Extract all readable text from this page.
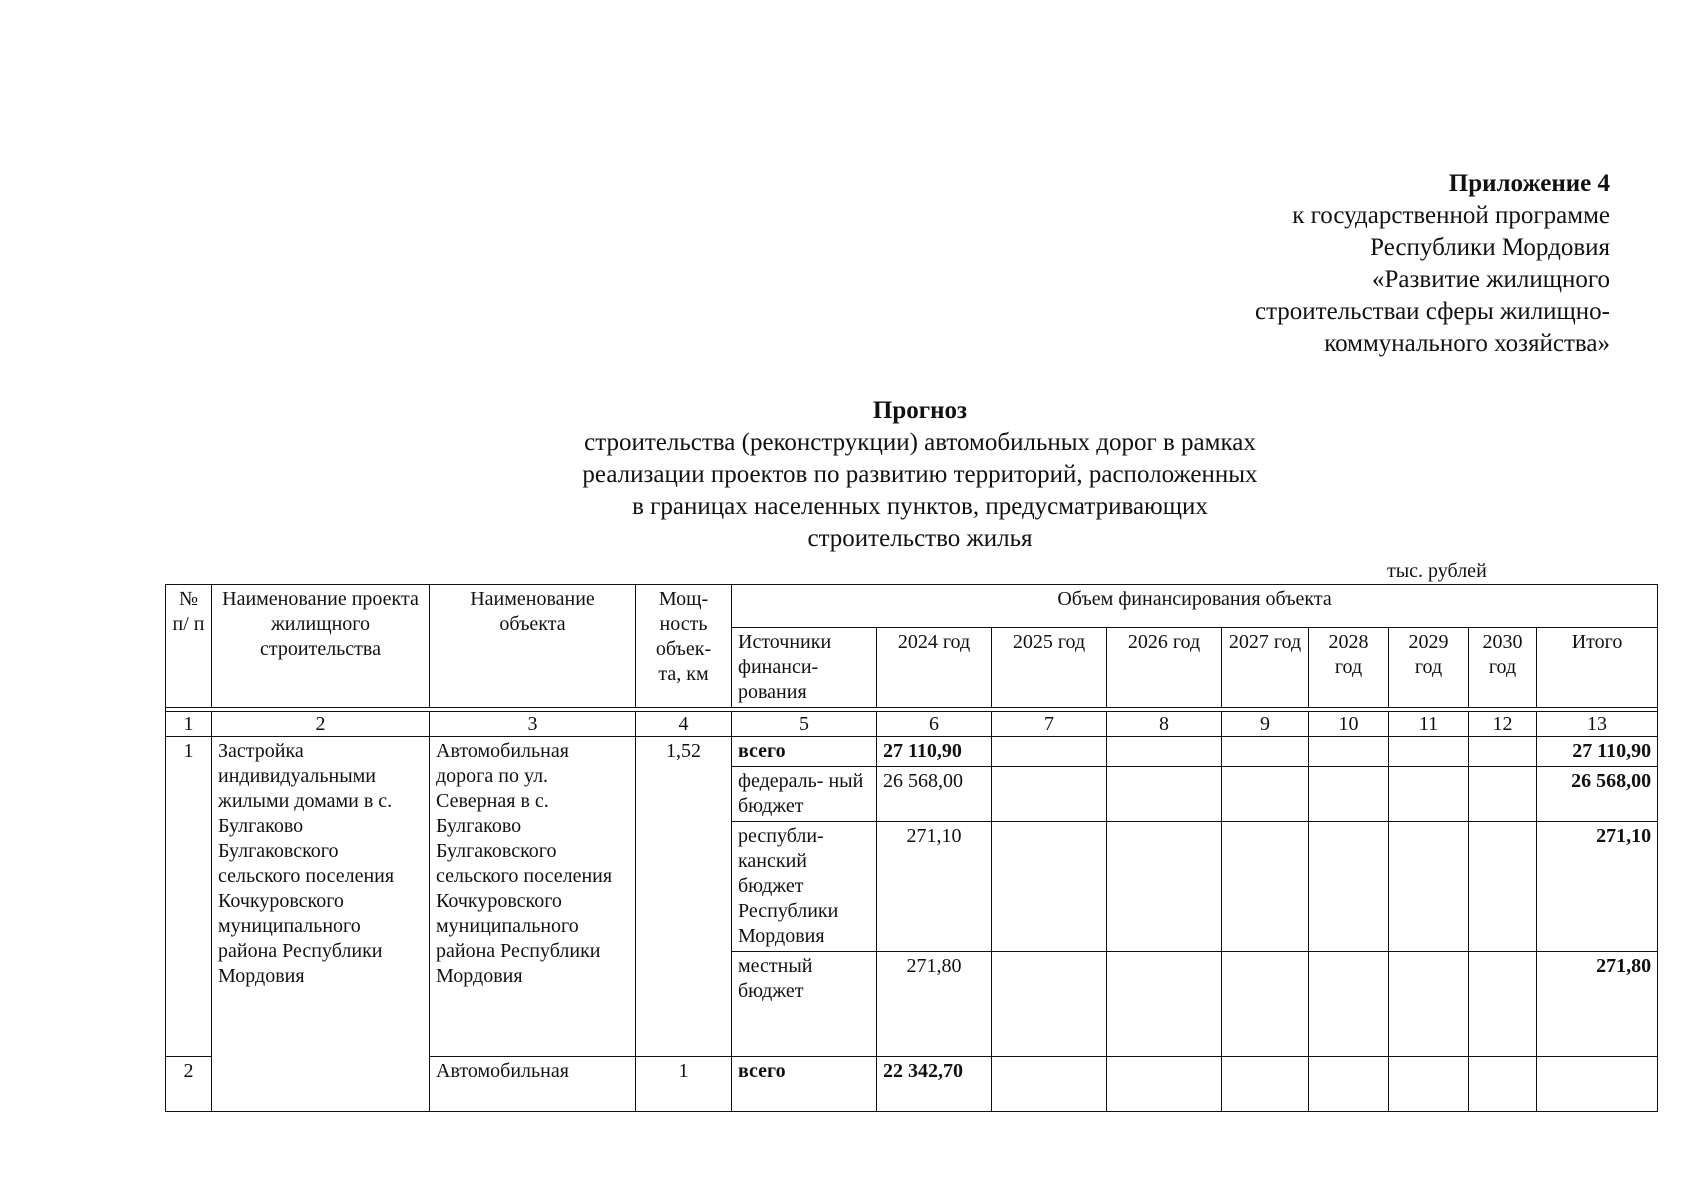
Приложение 4
к государственной программе
Республики Мордовия
«Развитие жилищного
строительстваи сферы жилищно-
коммунального хозяйства»
Прогноз
строительства (реконструкции) автомобильных дорог в рамках
реализации проектов по развитию территорий, расположенных
в границах населенных пунктов, предусматривающих
строительство жилья
тыс. рублей
№ п/ п	Наименование проекта жилищного строительства	Наименование объекта	Мощ- ность объек- та, км	Объем финансирования объекта									
				Источники финанси- рования	2024 год	2025 год	2026 год	2027 год	2028 год	2029 год	2030 год	Итого	

1	2	3	4	5	6	7	8	9	10	11	12	13	
1	Застройка индивидуальными жилыми домами в с. Булгаково Булгаковского сельского поселения Кочкуровского муниципального района Республики Мордовия	Автомобильная дорога по ул. Северная в с. Булгаково Булгаковского сельского поселения Кочкуровского муниципального района Республики Мордовия	1,52	всего	27 110,90							27 110,90	
				федераль- ный бюджет	26 568,00							26 568,00	
				республи- канский бюджет Республики Мордовия	271,10							271,10	
				местный бюджет	271,80							271,80	
2		Автомобильная	1	всего	22 342,70								
